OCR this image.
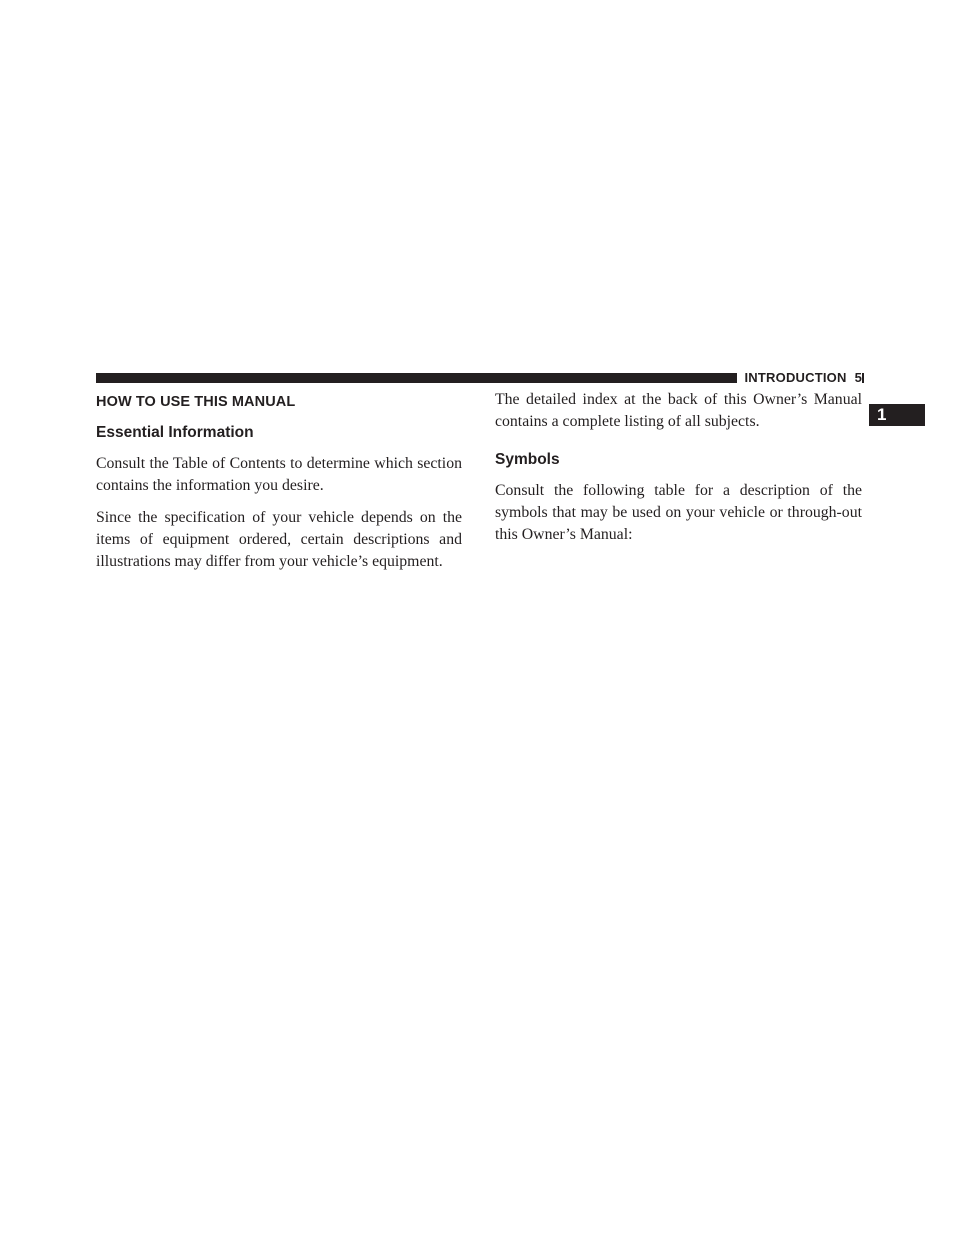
INTRODUCTION 5
1
HOW TO USE THIS MANUAL
Essential Information

Consult the Table of Contents to determine which section contains the information you desire.

Since the specification of your vehicle depends on the items of equipment ordered, certain descriptions and illustrations may differ from your vehicle’s equipment.

The detailed index at the back of this Owner’s Manual contains a complete listing of all subjects.

Symbols

Consult the following table for a description of the symbols that may be used on your vehicle or through-out this Owner’s Manual:
